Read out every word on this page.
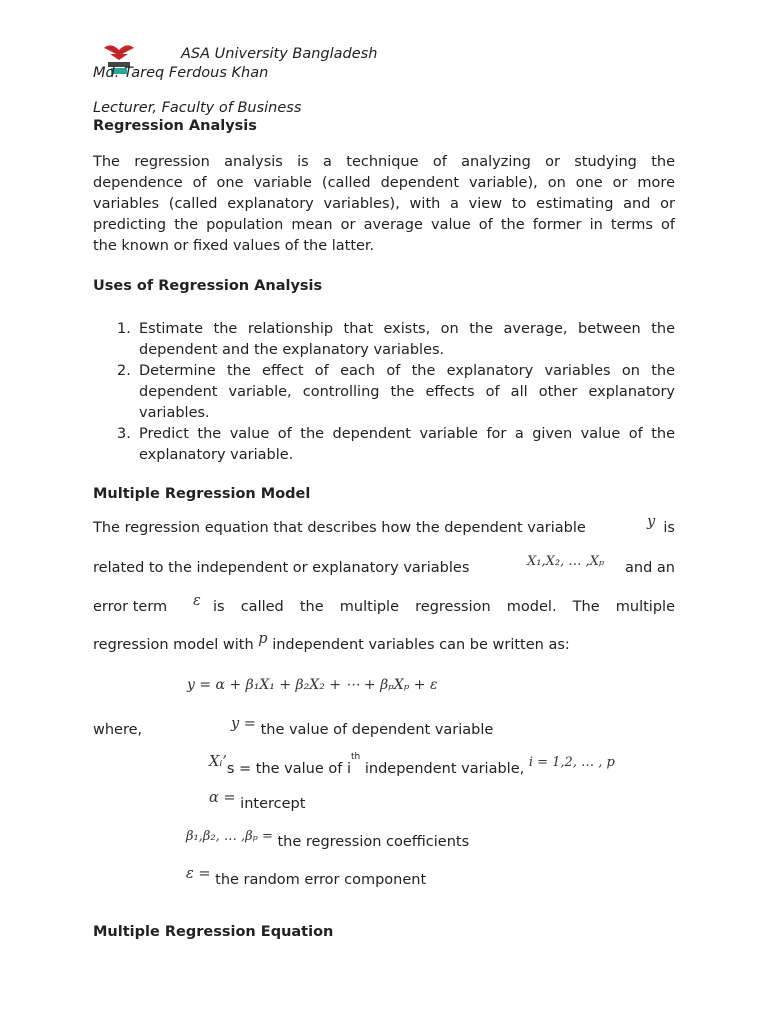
ASA University Bangladesh
Md. Tareq Ferdous Khan
Lecturer, Faculty of Business
Regression Analysis
The regression analysis is a technique of analyzing or studying the
dependence of one variable (called dependent variable), on one or more
variables (called explanatory variables), with a view to estimating and or
predicting the population mean or average value of the former in terms of
the known or fixed values of the latter.
Uses of Regression Analysis
1. Estimate the relationship that exists, on the average, between the
dependent and the explanatory variables.
2. Determine the effect of each of the explanatory variables on the
dependent variable, controlling the effects of all other explanatory
variables.
3. Predict the value of the dependent variable for a given value of the
explanatory variable.
Multiple Regression Model
The regression equation that describes how the dependent variable	y is
related to the independent or explanatory variables	X₁,X₂, … ,Xₚ and an
error term ε is called the multiple regression model. The multiple
regression model with p independent variables can be written as:
y = α + β₁X₁ + β₂X₂ + ⋯ + βₚXₚ + ε
where,	y = the value of dependent variable
Xᵢ’s = the value of $i^{th}$ independent variable, i = 1,2, … , p
α = intercept
β₁,β₂, … ,βₚ = the regression coefficients
ε = the random error component
Multiple Regression Equation
